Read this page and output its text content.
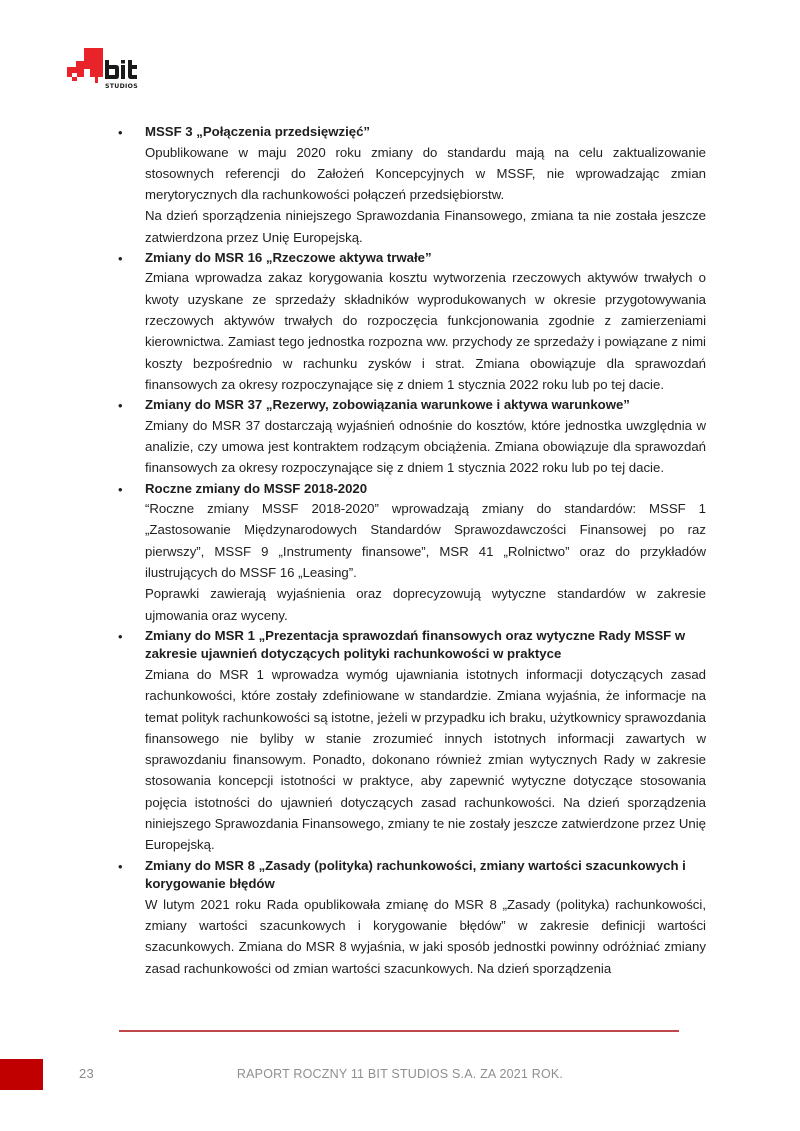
STUDIOS
• MSSF 3 „Połączenia przedsięwzięć”

Opublikowane w maju 2020 roku zmiany do standardu mają na celu zaktualizowanie stosownych referencji do Założeń Koncepcyjnych w MSSF, nie wprowadzając zmian merytorycznych dla rachunkowości połączeń przedsiębiorstw.

Na dzień sporządzenia niniejszego Sprawozdania Finansowego, zmiana ta nie została jeszcze zatwierdzona przez Unię Europejską.

• Zmiany do MSR 16 „Rzeczowe aktywa trwałe”

Zmiana wprowadza zakaz korygowania kosztu wytworzenia rzeczowych aktywów trwałych o kwoty uzyskane ze sprzedaży składników wyprodukowanych w okresie przygotowywania rzeczowych aktywów trwałych do rozpoczęcia funkcjonowania zgodnie z zamierzeniami kierownictwa. Zamiast tego jednostka rozpozna ww. przychody ze sprzedaży i powiązane z nimi koszty bezpośrednio w rachunku zysków i strat. Zmiana obowiązuje dla sprawozdań finansowych za okresy rozpoczynające się z dniem 1 stycznia 2022 roku lub po tej dacie.

• Zmiany do MSR 37 „Rezerwy, zobowiązania warunkowe i aktywa warunkowe”

Zmiany do MSR 37 dostarczają wyjaśnień odnośnie do kosztów, które jednostka uwzględnia w analizie, czy umowa jest kontraktem rodzącym obciążenia. Zmiana obowiązuje dla sprawozdań finansowych za okresy rozpoczynające się z dniem 1 stycznia 2022 roku lub po tej dacie.

• Roczne zmiany do MSSF 2018-2020

“Roczne zmiany MSSF 2018-2020” wprowadzają zmiany do standardów: MSSF 1 „Zastosowanie Międzynarodowych Standardów Sprawozdawczości Finansowej po raz pierwszy”, MSSF 9 „Instrumenty finansowe”, MSR 41 „Rolnictwo” oraz do przykładów ilustrujących do MSSF 16 „Leasing”.

Poprawki zawierają wyjaśnienia oraz doprecyzowują wytyczne standardów w zakresie ujmowania oraz wyceny.

• Zmiany do MSR 1 „Prezentacja sprawozdań finansowych oraz wytyczne Rady MSSF w zakresie ujawnień dotyczących polityki rachunkowości w praktyce

Zmiana do MSR 1 wprowadza wymóg ujawniania istotnych informacji dotyczących zasad rachunkowości, które zostały zdefiniowane w standardzie. Zmiana wyjaśnia, że informacje na temat polityk rachunkowości są istotne, jeżeli w przypadku ich braku, użytkownicy sprawozdania finansowego nie byliby w stanie zrozumieć innych istotnych informacji zawartych w sprawozdaniu finansowym. Ponadto, dokonano również zmian wytycznych Rady w zakresie stosowania koncepcji istotności w praktyce, aby zapewnić wytyczne dotyczące stosowania pojęcia istotności do ujawnień dotyczących zasad rachunkowości. Na dzień sporządzenia niniejszego Sprawozdania Finansowego, zmiany te nie zostały jeszcze zatwierdzone przez Unię Europejską.

• Zmiany do MSR 8 „Zasady (polityka) rachunkowości, zmiany wartości szacunkowych i korygowanie błędów

W lutym 2021 roku Rada opublikowała zmianę do MSR 8 „Zasady (polityka) rachunkowości, zmiany wartości szacunkowych i korygowanie błędów” w zakresie definicji wartości szacunkowych. Zmiana do MSR 8 wyjaśnia, w jaki sposób jednostki powinny odróżniać zmiany zasad rachunkowości od zmian wartości szacunkowych. Na dzień sporządzenia

23	RAPORT ROCZNY 11 BIT STUDIOS S.A. ZA 2021 ROK.
